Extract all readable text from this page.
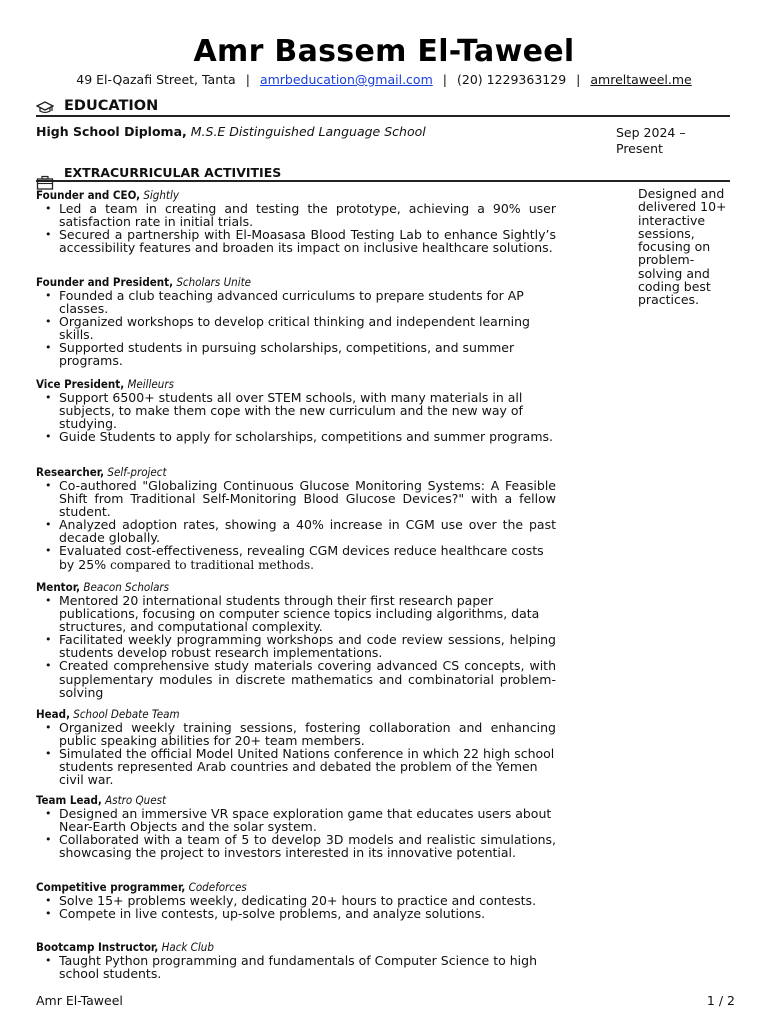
Amr Bassem El-Taweel
49 El-Qazafi Street, Tanta | amrbeducation@gmail.com | (20) 1229363129 | amreltaweel.me
EDUCATION
High School Diploma, M.S.E Distinguished Language School	Sep 2024 –
Present
EXTRACURRICULAR ACTIVITIES
Designed and delivered 10+ interactive sessions, focusing on problem-solving and coding best practices.
Founder and CEO, Sightly
• Led a team in creating and testing the prototype, achieving a 90% user satisfaction rate in initial trials.
• Secured a partnership with El-Moasasa Blood Testing Lab to enhance Sightly’s accessibility features and broaden its impact on inclusive healthcare solutions.
Founder and President, Scholars Unite
• Founded a club teaching advanced curriculums to prepare students for AP classes.
• Organized workshops to develop critical thinking and independent learning skills.
• Supported students in pursuing scholarships, competitions, and summer programs.
Vice President, Meilleurs
• Support 6500+ students all over STEM schools, with many materials in all subjects, to make them cope with the new curriculum and the new way of studying.
• Guide Students to apply for scholarships, competitions and summer programs.
Researcher, Self-project
• Co-authored "Globalizing Continuous Glucose Monitoring Systems: A Feasible Shift from Traditional Self-Monitoring Blood Glucose Devices?" with a fellow student.
• Analyzed adoption rates, showing a 40% increase in CGM use over the past decade globally.
• Evaluated cost-effectiveness, revealing CGM devices reduce healthcare costs by 25% compared to traditional methods.
Mentor, Beacon Scholars
• Mentored 20 international students through their first research paper publications, focusing on computer science topics including algorithms, data structures, and computational complexity.
• Facilitated weekly programming workshops and code review sessions, helping students develop robust research implementations.
• Created comprehensive study materials covering advanced CS concepts, with supplementary modules in discrete mathematics and combinatorial problem-solving
Head, School Debate Team
• Organized weekly training sessions, fostering collaboration and enhancing public speaking abilities for 20+ team members.
• Simulated the official Model United Nations conference in which 22 high school students represented Arab countries and debated the problem of the Yemen civil war.
Team Lead, Astro Quest
• Designed an immersive VR space exploration game that educates users about Near-Earth Objects and the solar system.
• Collaborated with a team of 5 to develop 3D models and realistic simulations, showcasing the project to investors interested in its innovative potential.
Competitive programmer, Codeforces
• Solve 15+ problems weekly, dedicating 20+ hours to practice and contests.
• Compete in live contests, up-solve problems, and analyze solutions.
Bootcamp Instructor, Hack Club
• Taught Python programming and fundamentals of Computer Science to high school students.
Amr El-Taweel	1 / 2
